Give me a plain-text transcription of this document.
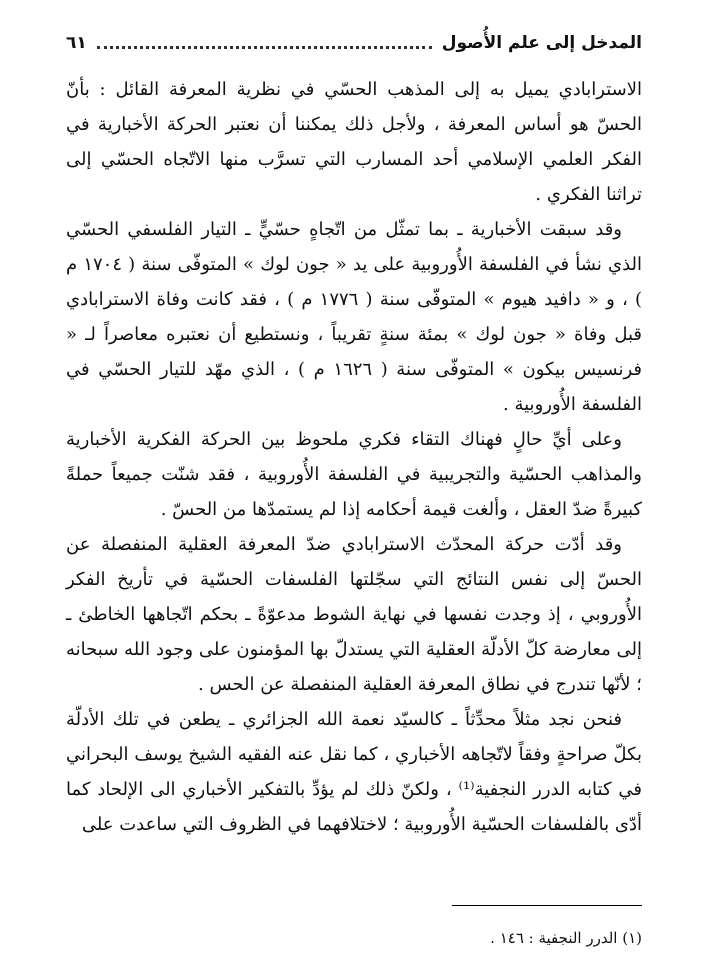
المدخل إلى علم الأُصول
٦١

الاسترابادي يميل به إلى المذهب الحسّي في نظرية المعرفة القائل : بأنّ الحسّ هو أساس المعرفة ، ولأجل ذلك يمكننا أن نعتبر الحركة الأخبارية في الفكر العلمي الإسلامي أحد المسارب التي تسرَّب منها الاتّجاه الحسّي إلى تراثنا الفكري .

وقد سبقت الأخبارية ـ بما تمثّل من اتّجاهٍ حسّيٍّ ـ التيار الفلسفي الحسّي الذي نشأ في الفلسفة الأُوروبية على يد « جون لوك » المتوفّى سنة ( ١٧٠٤ م ) ، و « دافيد هيوم » المتوفّى سنة ( ١٧٧٦ م ) ، فقد كانت وفاة الاسترابادي قبل وفاة « جون لوك » بمئة سنةٍ تقريباً ، ونستطيع أن نعتبره معاصراً لـ « فرنسيس بيكون » المتوفّى سنة ( ١٦٢٦ م ) ، الذي مهّد للتيار الحسّي في الفلسفة الأُوروبية .

وعلى أيِّ حالٍ فهناك التقاء فكري ملحوظ بين الحركة الفكرية الأخبارية والمذاهب الحسّية والتجريبية في الفلسفة الأُوروبية ، فقد شنّت جميعاً حملةً كبيرةً ضدّ العقل ، وألغت قيمة أحكامه إذا لم يستمدّها من الحسّ .

وقد أدّت حركة المحدّث الاسترابادي ضدّ المعرفة العقلية المنفصلة عن الحسّ إلى نفس النتائج التي سجّلتها الفلسفات الحسّية في تأريخ الفكر الأُوروبي ، إذ وجدت نفسها في نهاية الشوط مدعوّةً ـ بحكم اتّجاهها الخاطئ ـ إلى معارضة كلّ الأدلّة العقلية التي يستدلّ بها المؤمنون على وجود الله سبحانه ؛ لأنّها تندرج في نطاق المعرفة العقلية المنفصلة عن الحس .

فنحن نجد مثلاً محدِّثاً ـ كالسيّد نعمة الله الجزائري ـ يطعن في تلك الأدلّة بكلّ صراحةٍ وفقاً لاتّجاهه الأخباري ، كما نقل عنه الفقيه الشيخ يوسف البحراني في كتابه الدرر النجفية⁽¹⁾ ، ولكنّ ذلك لم يؤدِّ بالتفكير الأخباري الى الإلحاد كما أدّى بالفلسفات الحسّية الأُوروبية ؛ لاختلافهما في الظروف التي ساعدت على

(١) الدرر النجفية : ١٤٦ .
